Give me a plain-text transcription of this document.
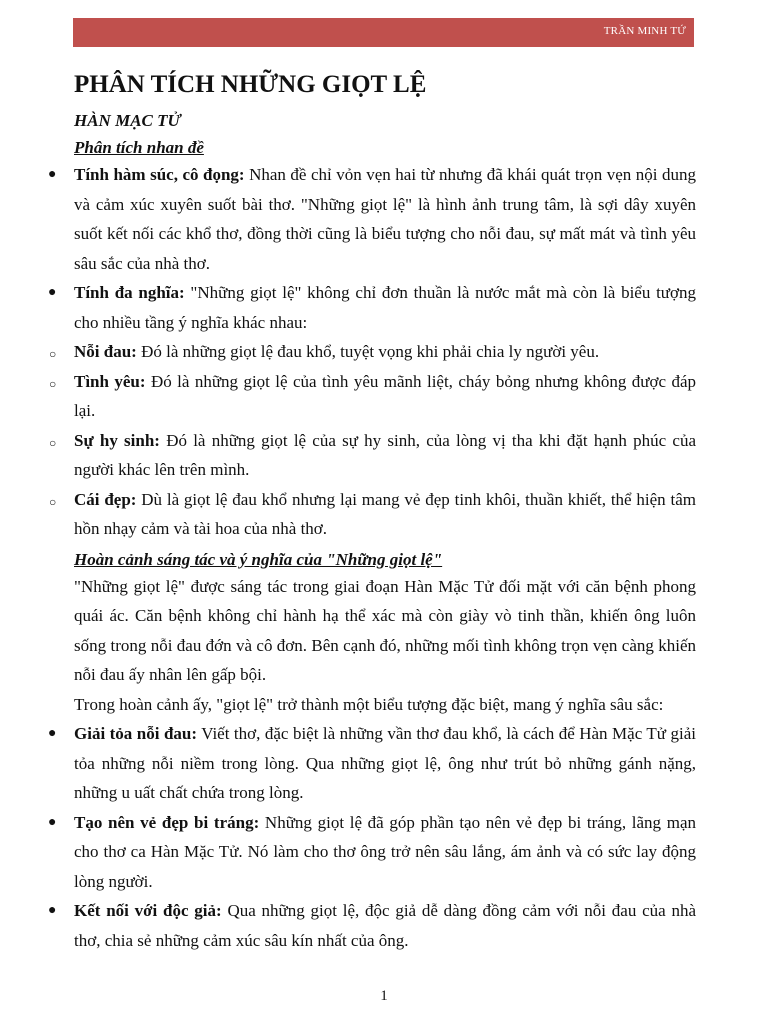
TRẦN MINH TỨ
PHÂN TÍCH NHỮNG GIỌT LỆ
HÀN MẠC TỬ
Phân tích nhan đề
● Tính hàm súc, cô đọng: Nhan đề chỉ vỏn vẹn hai từ nhưng đã khái quát trọn vẹn nội dung và cảm xúc xuyên suốt bài thơ. "Những giọt lệ" là hình ảnh trung tâm, là sợi dây xuyên suốt kết nối các khổ thơ, đồng thời cũng là biểu tượng cho nỗi đau, sự mất mát và tình yêu sâu sắc của nhà thơ.
● Tính đa nghĩa: "Những giọt lệ" không chỉ đơn thuần là nước mắt mà còn là biểu tượng cho nhiều tầng ý nghĩa khác nhau:
○ Nỗi đau: Đó là những giọt lệ đau khổ, tuyệt vọng khi phải chia ly người yêu.
○ Tình yêu: Đó là những giọt lệ của tình yêu mãnh liệt, cháy bỏng nhưng không được đáp lại.
○ Sự hy sinh: Đó là những giọt lệ của sự hy sinh, của lòng vị tha khi đặt hạnh phúc của người khác lên trên mình.
○ Cái đẹp: Dù là giọt lệ đau khổ nhưng lại mang vẻ đẹp tinh khôi, thuần khiết, thể hiện tâm hồn nhạy cảm và tài hoa của nhà thơ.
Hoàn cảnh sáng tác và ý nghĩa của "Những giọt lệ"
"Những giọt lệ" được sáng tác trong giai đoạn Hàn Mặc Tử đối mặt với căn bệnh phong quái ác. Căn bệnh không chỉ hành hạ thể xác mà còn giày vò tinh thần, khiến ông luôn sống trong nỗi đau đớn và cô đơn. Bên cạnh đó, những mối tình không trọn vẹn càng khiến nỗi đau ấy nhân lên gấp bội.
Trong hoàn cảnh ấy, "giọt lệ" trở thành một biểu tượng đặc biệt, mang ý nghĩa sâu sắc:
● Giải tỏa nỗi đau: Viết thơ, đặc biệt là những vần thơ đau khổ, là cách để Hàn Mặc Tử giải tỏa những nỗi niềm trong lòng. Qua những giọt lệ, ông như trút bỏ những gánh nặng, những u uất chất chứa trong lòng.
● Tạo nên vẻ đẹp bi tráng: Những giọt lệ đã góp phần tạo nên vẻ đẹp bi tráng, lãng mạn cho thơ ca Hàn Mặc Tử. Nó làm cho thơ ông trở nên sâu lắng, ám ảnh và có sức lay động lòng người.
● Kết nối với độc giả: Qua những giọt lệ, độc giả dễ dàng đồng cảm với nỗi đau của nhà thơ, chia sẻ những cảm xúc sâu kín nhất của ông.
1
